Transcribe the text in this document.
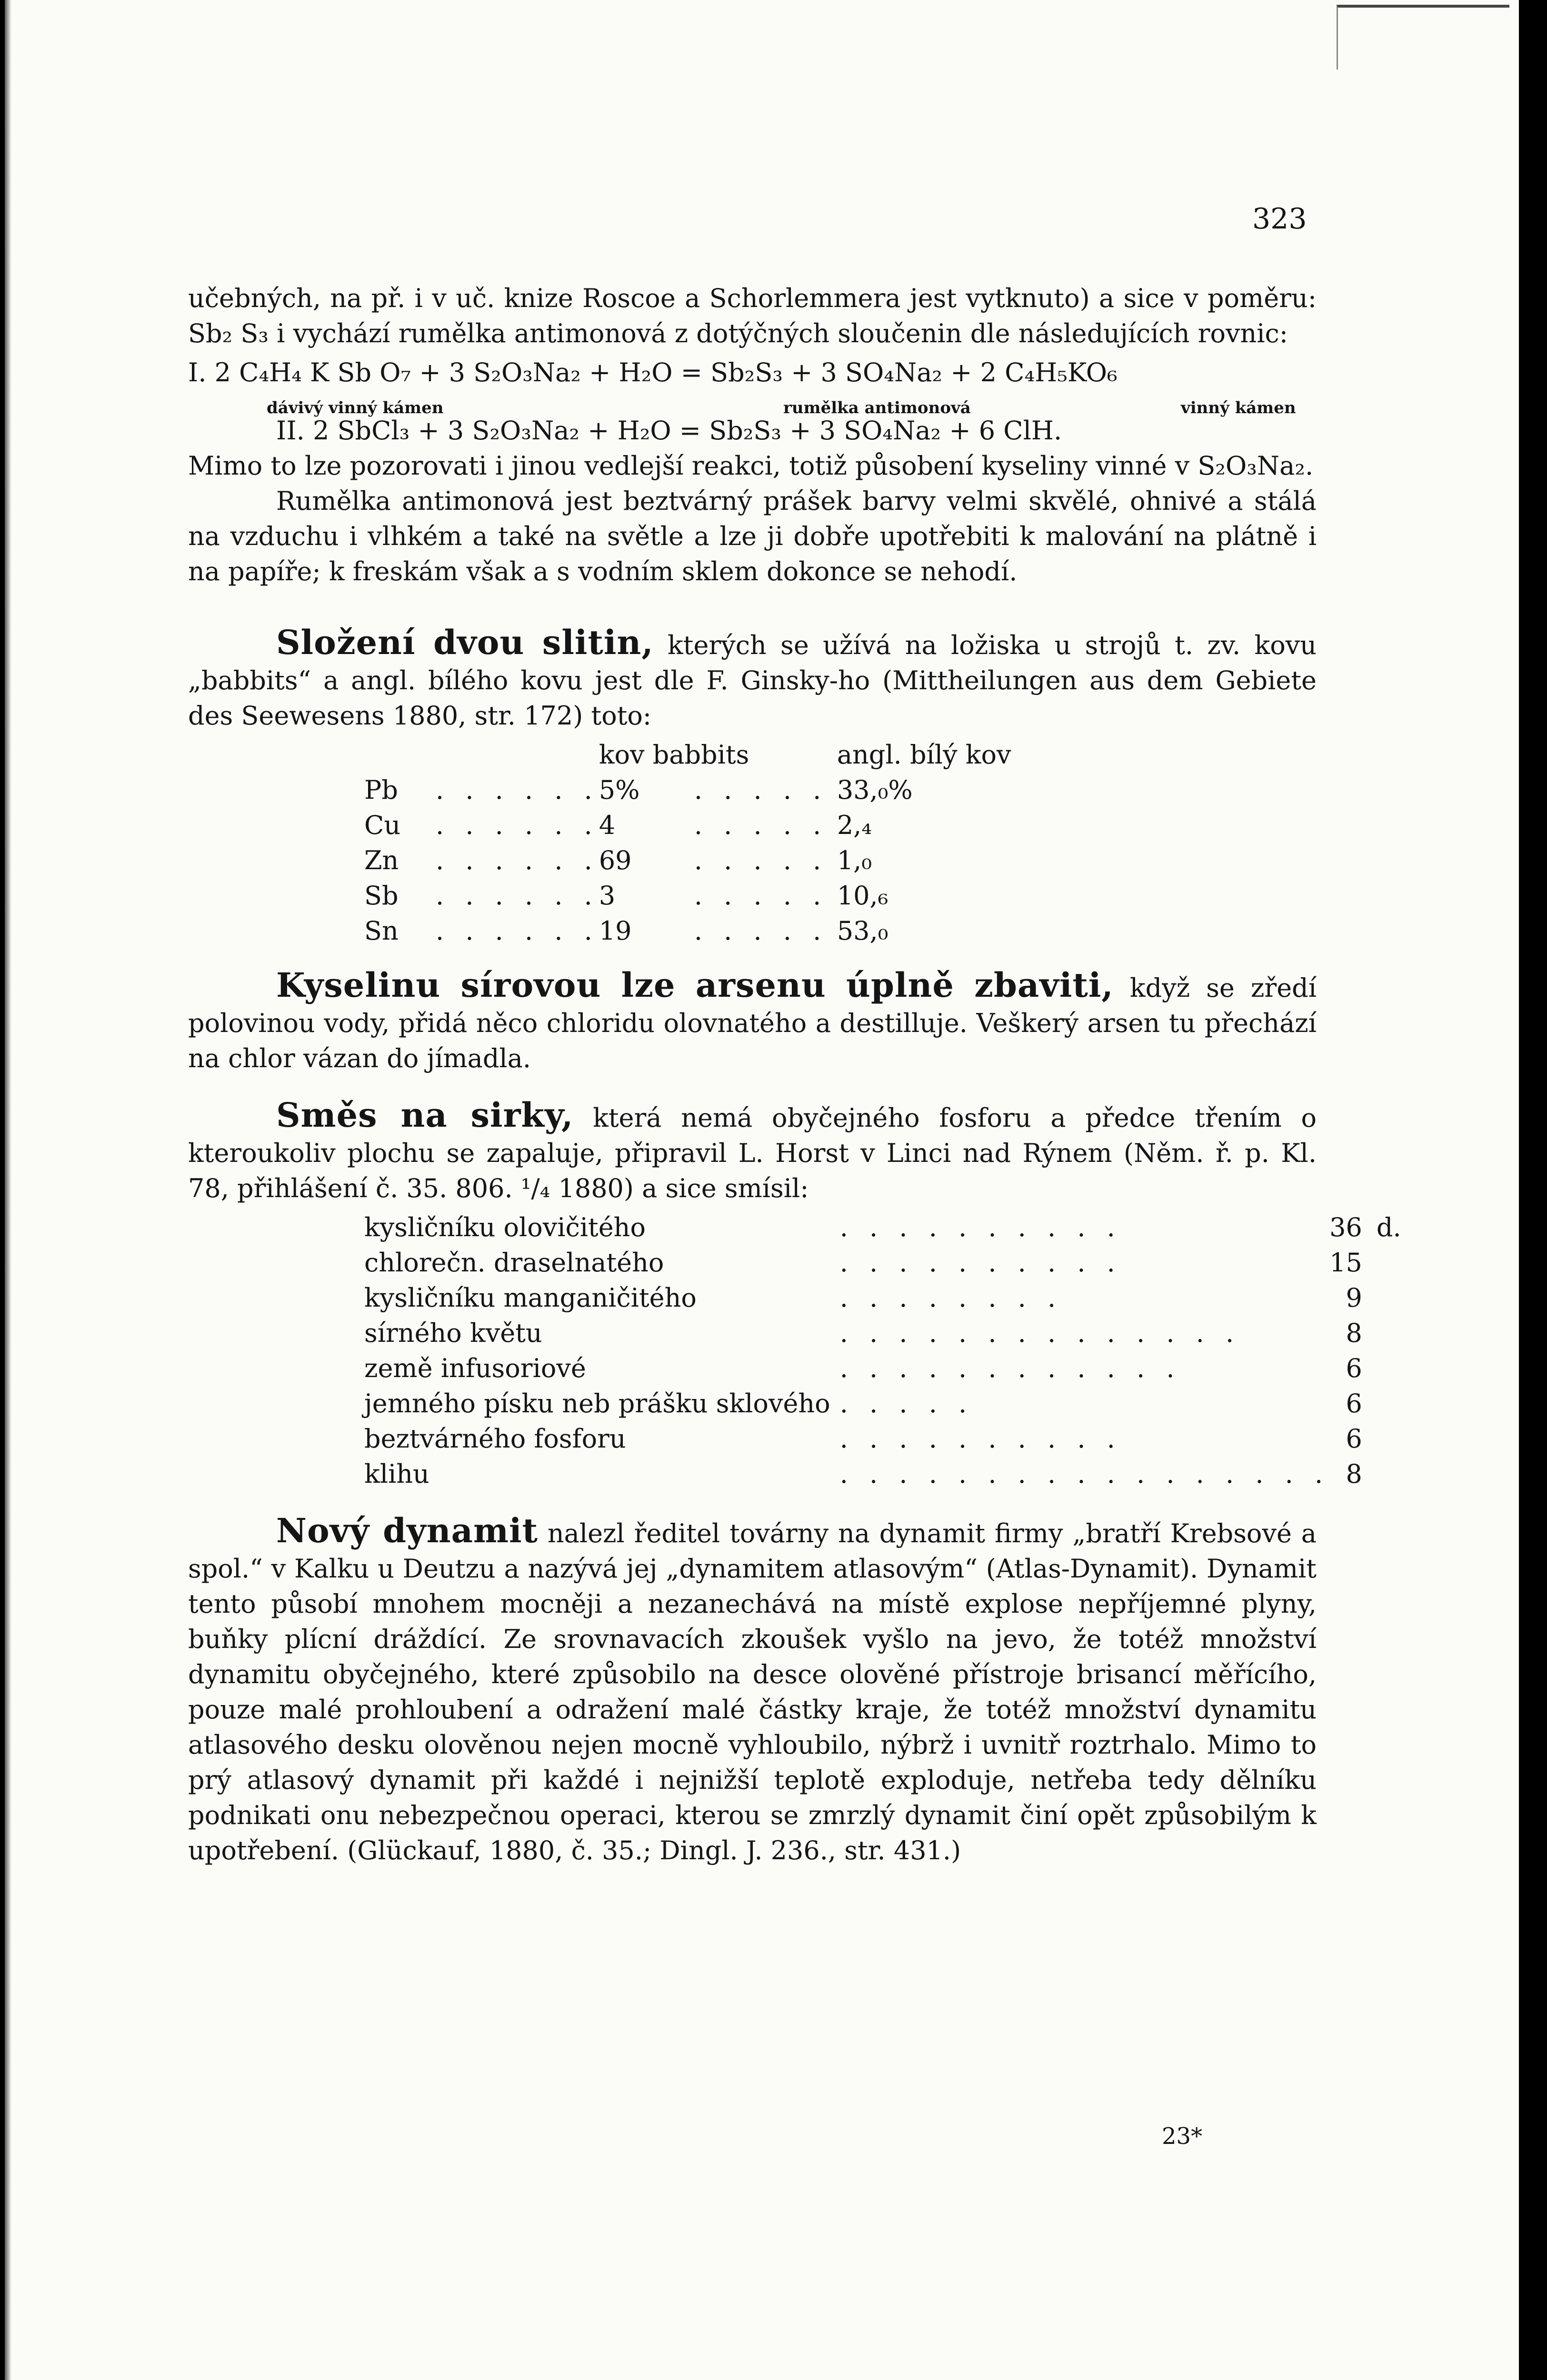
323

učebných, na př. i v uč. knize Roscoe a Schorlemmera jest vytknuto) a sice v poměru: Sb₂ S₃ i vychází rumělka antimonová z dotýčných sloučenin dle následujících rovnic:

I. 2 C₄H₄ K Sb O₇ + 3 S₂O₃Na₂ + H₂O = Sb₂S₃ + 3 SO₄Na₂ + 2 C₄H₅KO₆
dávivý vinný kámen	rumělka antimonová	vinný kámen
II. 2 SbCl₃ + 3 S₂O₃Na₂ + H₂O = Sb₂S₃ + 3 SO₄Na₂ + 6 ClH.

Mimo to lze pozorovati i jinou vedlejší reakci, totiž působení kyseliny vinné v S₂O₃Na₂.

Rumělka antimonová jest beztvárný prášek barvy velmi skvělé, ohnivé a stálá na vzduchu i vlhkém a také na světle a lze ji dobře upotřebiti k malování na plátně i na papíře; k freskám však a s vodním sklem dokonce se nehodí.

Složení dvou slitin, kterých se užívá na ložiska u strojů t. zv. kovu „babbits“ a angl. bílého kovu jest dle F. Ginsky-ho (Mittheilungen aus dem Gebiete des Seewesens 1880, str. 172) toto:

		kov babbits		angl. bílý kov
Pb	. . . . . .	5%	. . . . .	33,₀%
Cu	. . . . . .	4	. . . . .	2,₄
Zn	. . . . . .	69	. . . . .	1,₀
Sb	. . . . . .	3	. . . . .	10,₆
Sn	. . . . . .	19	. . . . .	53,₀

Kyselinu sírovou lze arsenu úplně zbaviti, když se zředí polovinou vody, přidá něco chloridu olovnatého a destilluje. Veškerý arsen tu přechází na chlor vázan do jímadla.

Směs na sirky, která nemá obyčejného fosforu a předce třením o kteroukoliv plochu se zapaluje, připravil L. Horst v Linci nad Rýnem (Něm. ř. p. Kl. 78, přihlášení č. 35. 806. ¹/₄ 1880) a sice smísil:

kysličníku olovičitého	. . . . . . . . . .	36	d.
chlorečn. draselnatého	. . . . . . . . . .	15	
kysličníku manganičitého	. . . . . . . .	9	
sírného květu	. . . . . . . . . . . . . .	8	
země infusoriové	. . . . . . . . . . . .	6	
jemného písku neb prášku sklového	. . . . .	6	
beztvárného fosforu	. . . . . . . . . .	6	
klihu	. . . . . . . . . . . . . . . . .	8	

Nový dynamit nalezl ředitel továrny na dynamit firmy „bratří Krebsové a spol.“ v Kalku u Deutzu a nazývá jej „dynamitem atlasovým“ (Atlas-Dynamit). Dynamit tento působí mnohem mocněji a nezanechává na místě explose nepříjemné plyny, buňky plícní dráždící. Ze srovnavacích zkoušek vyšlo na jevo, že totéž množství dynamitu obyčejného, které způsobilo na desce olověné přístroje brisancí měřícího, pouze malé prohloubení a odražení malé částky kraje, že totéž množství dynamitu atlasového desku olověnou nejen mocně vyhloubilo, nýbrž i uvnitř roztrhalo. Mimo to prý atlasový dynamit při každé i nejnižší teplotě exploduje, netřeba tedy dělníku podnikati onu nebezpečnou operaci, kterou se zmrzlý dynamit činí opět způsobilým k upotřebení. (Glückauf, 1880, č. 35.; Dingl. J. 236., str. 431.)

23*
